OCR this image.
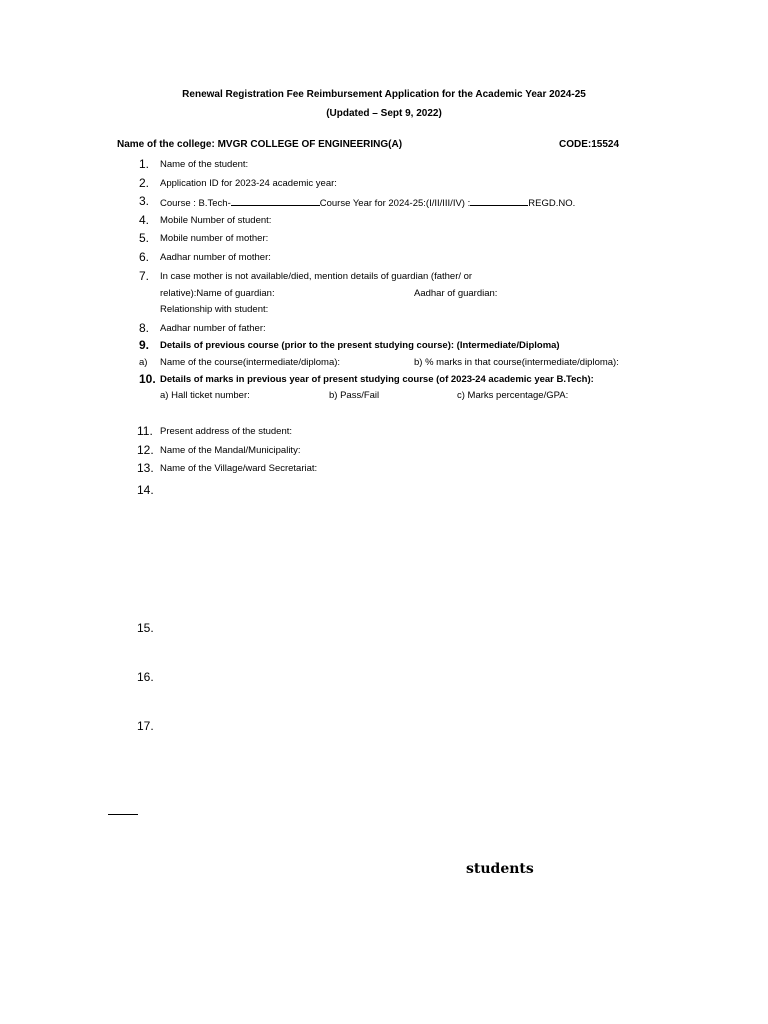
Renewal Registration Fee Reimbursement Application for the Academic Year 2024-25
(Updated – Sept 9, 2022)
Name of the college: MVGR COLLEGE OF ENGINEERING(A)	CODE:15524
1. Name of the student:
2. Application ID for 2023-24 academic year:
3. Course : B.Tech-	Course Year for 2024-25:(I/II/III/IV) :	REGD.NO.
4. Mobile Number of student:
5. Mobile number of mother:
6. Aadhar number of mother:
7. In case mother is not available/died, mention details of guardian (father/ or
relative):Name of guardian:	Aadhar of guardian:
Relationship with student:
8. Aadhar number of father:
9. Details of previous course (prior to the present studying course): (Intermediate/Diploma)
a) Name of the course(intermediate/diploma):	b) % marks in that course(intermediate/diploma):
10. Details of marks in previous year of present studying course (of 2023-24 academic year B.Tech):
a) Hall ticket number:	b) Pass/Fail	c) Marks percentage/GPA:
11. Present address of the student:
12. Name of the Mandal/Municipality:
13. Name of the Village/ward Secretariat:
14.
15.
16.
17.
students
